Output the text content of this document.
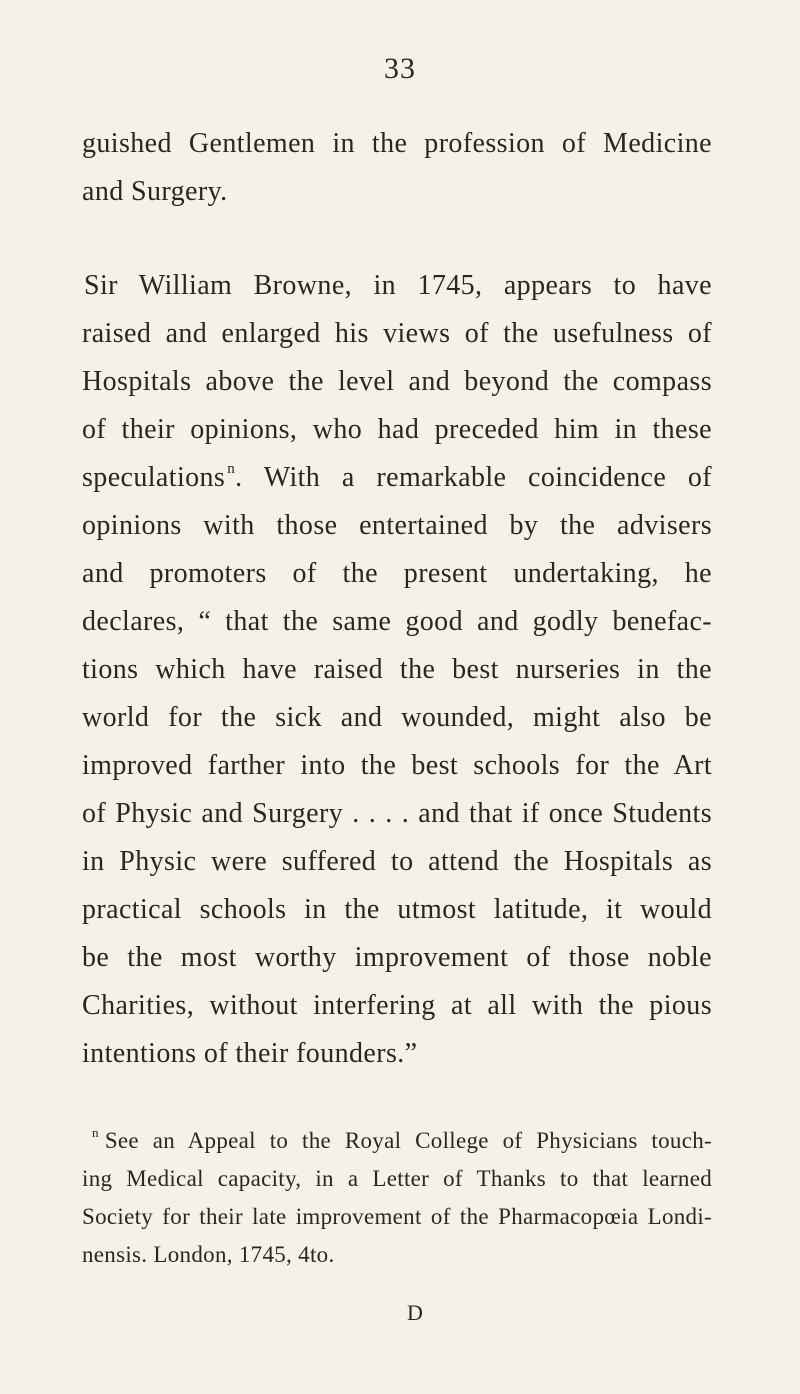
33
guished Gentlemen in the profession of Medicine
and Surgery.
Sir William Browne, in 1745, appears to have
raised and enlarged his views of the usefulness of
Hospitals above the level and beyond the compass
of their opinions, who had preceded him in these
speculations $^n$. With a remarkable coincidence of
opinions with those entertained by the advisers
and promoters of the present undertaking, he
declares, “ that the same good and godly benefac-
tions which have raised the best nurseries in the
world for the sick and wounded, might also be
improved farther into the best schools for the Art
of Physic and Surgery . . . . and that if once Students
in Physic were suffered to attend the Hospitals as
practical schools in the utmost latitude, it would
be the most worthy improvement of those noble
Charities, without interfering at all with the pious
intentions of their founders.”
$^n$ See an Appeal to the Royal College of Physicians touch-
ing Medical capacity, in a Letter of Thanks to that learned
Society for their late improvement of the Pharmacopœia Londi-
nensis. London, 1745, 4to.
D
